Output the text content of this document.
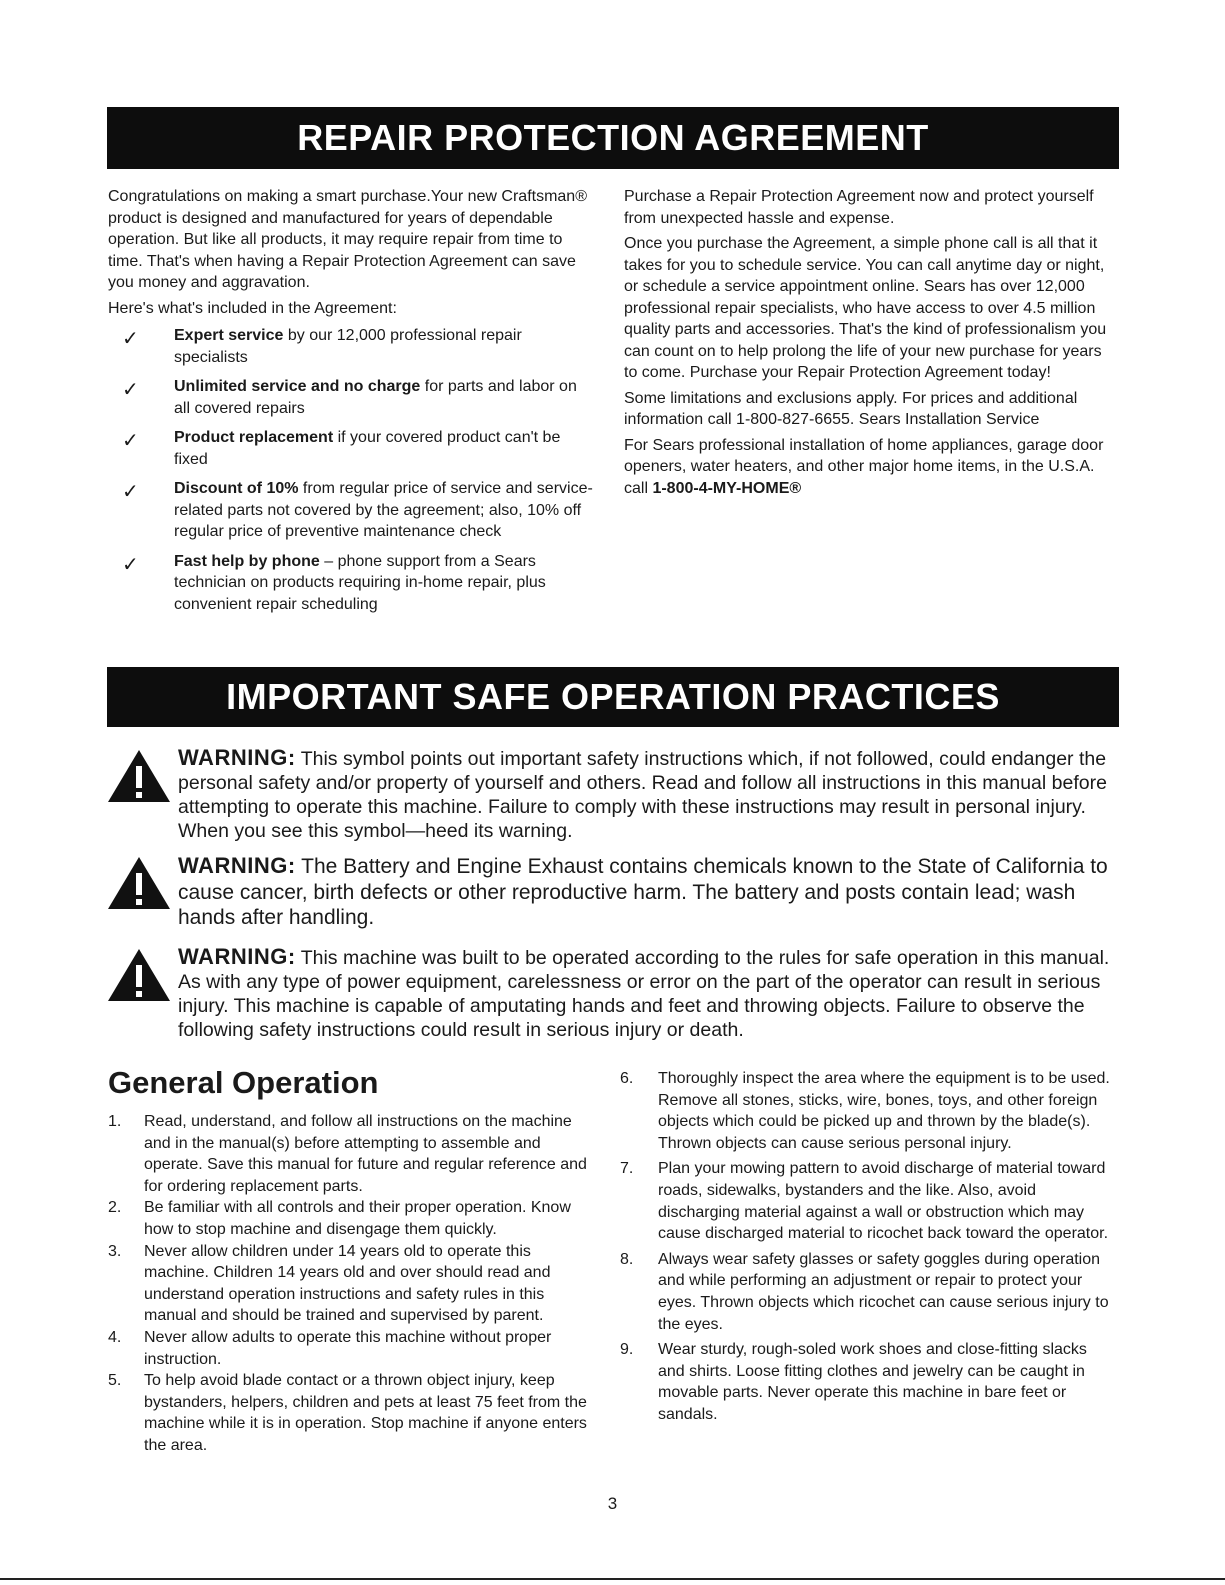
REPAIR PROTECTION AGREEMENT

Congratulations on making a smart purchase.Your new Craftsman® product is designed and manufactured for years of dependable operation. But like all products, it may require repair from time to time. That's when having a Repair Protection Agreement can save you money and aggravation.

Here's what's included in the Agreement:

✓ Expert service by our 12,000 professional repair specialists
✓ Unlimited service and no charge for parts and labor on all covered repairs
✓ Product replacement if your covered product can't be fixed
✓ Discount of 10% from regular price of service and service-related parts not covered by the agreement; also, 10% off regular price of preventive maintenance check
✓ Fast help by phone – phone support from a Sears technician on products requiring in-home repair, plus convenient repair scheduling

Purchase a Repair Protection Agreement now and protect yourself from unexpected hassle and expense.

Once you purchase the Agreement, a simple phone call is all that it takes for you to schedule service. You can call anytime day or night, or schedule a service appointment online. Sears has over 12,000 professional repair specialists, who have access to over 4.5 million quality parts and accessories. That's the kind of professionalism you can count on to help prolong the life of your new purchase for years to come. Purchase your Repair Protection Agreement today!

Some limitations and exclusions apply. For prices and additional information call 1-800-827-6655. Sears Installation Service

For Sears professional installation of home appliances, garage door openers, water heaters, and other major home items, in the U.S.A. call 1-800-4-MY-HOME®

IMPORTANT SAFE OPERATION PRACTICES
WARNING: This symbol points out important safety instructions which, if not followed, could endanger the personal safety and/or property of yourself and others. Read and follow all instructions in this manual before attempting to operate this machine. Failure to comply with these instructions may result in personal injury. When you see this symbol—heed its warning.
WARNING: The Battery and Engine Exhaust contains chemicals known to the State of California to cause cancer, birth defects or other reproductive harm. The battery and posts contain lead; wash hands after handling.
WARNING: This machine was built to be operated according to the rules for safe operation in this manual. As with any type of power equipment, carelessness or error on the part of the operator can result in serious injury. This machine is capable of amputating hands and feet and throwing objects. Failure to observe the following safety instructions could result in serious injury or death.
General Operation
1. Read, understand, and follow all instructions on the machine and in the manual(s) before attempting to assemble and operate. Save this manual for future and regular reference and for ordering replacement parts.
2. Be familiar with all controls and their proper operation. Know how to stop machine and disengage them quickly.
3. Never allow children under 14 years old to operate this machine. Children 14 years old and over should read and understand operation instructions and safety rules in this manual and should be trained and supervised by parent.
4. Never allow adults to operate this machine without proper instruction.
5. To help avoid blade contact or a thrown object injury, keep bystanders, helpers, children and pets at least 75 feet from the machine while it is in operation. Stop machine if anyone enters the area.
6. Thoroughly inspect the area where the equipment is to be used. Remove all stones, sticks, wire, bones, toys, and other foreign objects which could be picked up and thrown by the blade(s). Thrown objects can cause serious personal injury.
7. Plan your mowing pattern to avoid discharge of material toward roads, sidewalks, bystanders and the like. Also, avoid discharging material against a wall or obstruction which may cause discharged material to ricochet back toward the operator.
8. Always wear safety glasses or safety goggles during operation and while performing an adjustment or repair to protect your eyes. Thrown objects which ricochet can cause serious injury to the eyes.
9. Wear sturdy, rough-soled work shoes and close-fitting slacks and shirts. Loose fitting clothes and jewelry can be caught in movable parts. Never operate this machine in bare feet or sandals.
3
